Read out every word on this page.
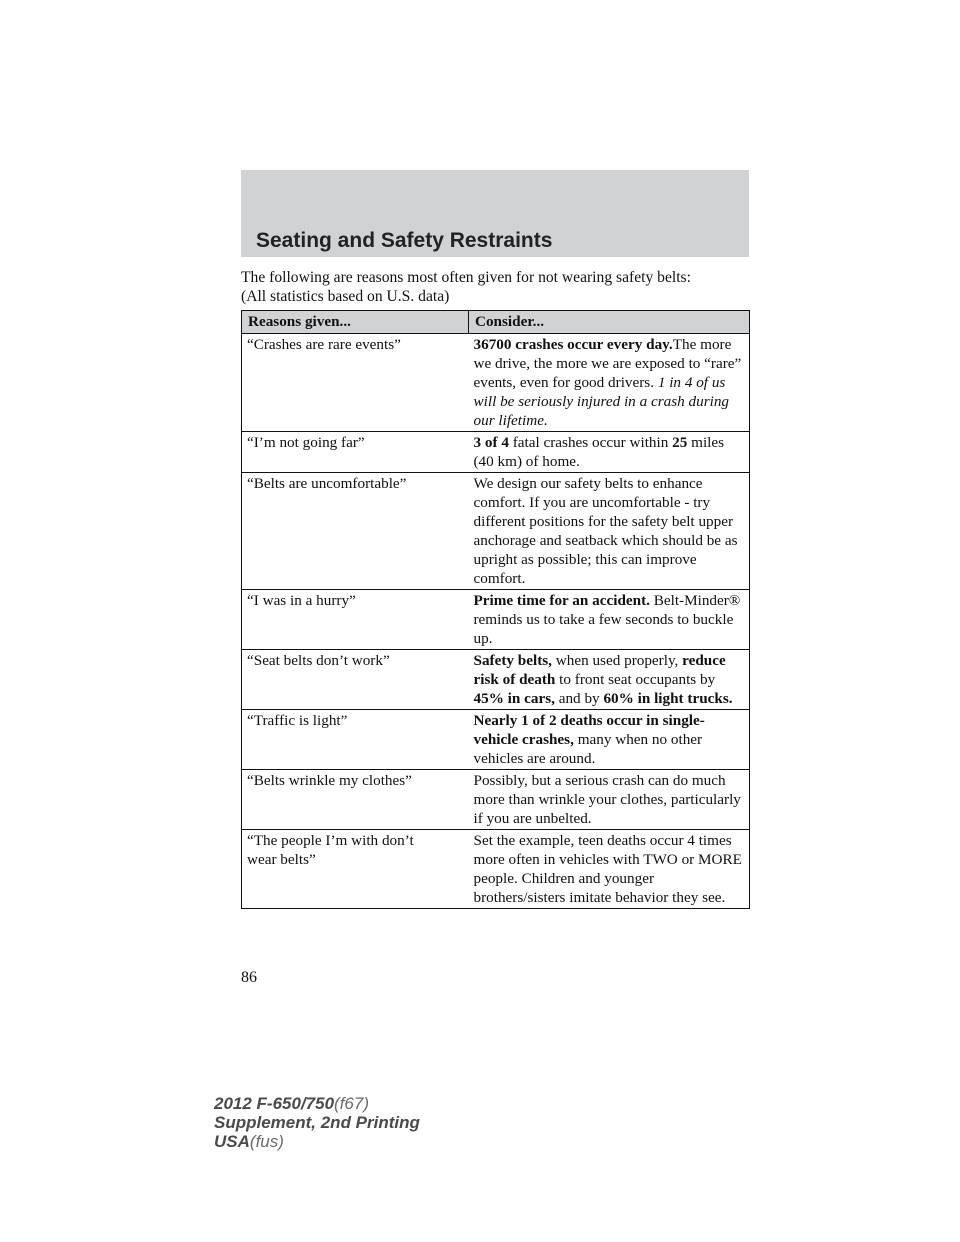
Seating and Safety Restraints

The following are reasons most often given for not wearing safety belts:
(All statistics based on U.S. data)

Reasons given...	Consider...

“Crashes are rare events”	36700 crashes occur every day.The more we drive, the more we are exposed to “rare” events, even for good drivers. 1 in 4 of us will be seriously injured in a crash during our lifetime.

“I’m not going far”	3 of 4 fatal crashes occur within 25 miles (40 km) of home.

“Belts are uncomfortable”	We design our safety belts to enhance comfort. If you are uncomfortable - try different positions for the safety belt upper anchorage and seatback which should be as upright as possible; this can improve comfort.

“I was in a hurry”	Prime time for an accident. Belt-Minder® reminds us to take a few seconds to buckle up.

“Seat belts don’t work”	Safety belts, when used properly, reduce risk of death to front seat occupants by 45% in cars, and by 60% in light trucks.

“Traffic is light”	Nearly 1 of 2 deaths occur in single-vehicle crashes, many when no other vehicles are around.

“Belts wrinkle my clothes”	Possibly, but a serious crash can do much more than wrinkle your clothes, particularly if you are unbelted.

“The people I’m with don’t
wear belts”	Set the example, teen deaths occur 4 times more often in vehicles with TWO or MORE people. Children and younger brothers/sisters imitate behavior they see.

86

2012 F-650/750(f67)
Supplement, 2nd Printing
USA(fus)
